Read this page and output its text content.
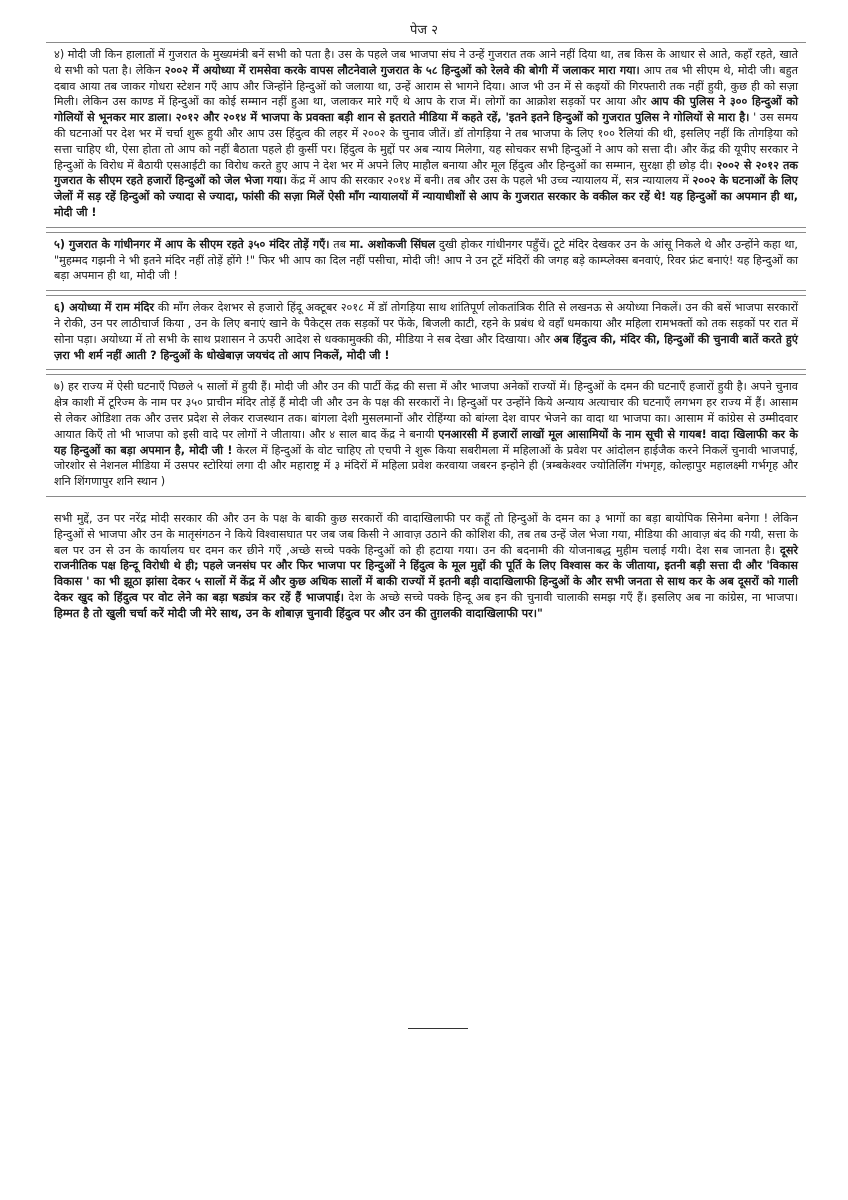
पेज २
४) मोदी जी किन हालातों में गुजरात के मुख्यमंत्री बनें सभी को पता है। उस के पहले जब भाजपा संघ ने उन्हें गुजरात तक आने नहीं दिया था, तब किस के आधार से आते, कहाँ रहते, खाते थे सभी को पता है। लेकिन २००२ में अयोध्या में रामसेवा करके वापस लौटनेवाले गुजरात के ५८ हिन्दुओं को रेलवे की बोगी में जलाकर मारा गया। आप तब भी सीएम थे, मोदी जी। बहुत दबाव आया तब जाकर गोधरा स्टेशन गएँ आप और जिन्होंने हिन्दुओं को जलाया था, उन्हें आराम से भागने दिया। आज भी उन में से कइयों की गिरफ्तारी तक नहीं हुयी, कुछ ही को सज़ा मिली। लेकिन उस काण्ड में हिन्दुओं का कोई सम्मान नहीं हुआ था, जलाकर मारे गएँ थे आप के राज में। लोगों का आक्रोश सड़कों पर आया और आप की पुलिस ने ३०० हिन्दुओं को गोलियों से भूनकर मार डाला। २०१२ और २०१४ में भाजपा के प्रवक्ता बड़ी शान से इतराते मीडिया में कहते रहें, 'इतने इतने हिन्दुओं को गुजरात पुलिस ने गोलियों से मारा है। ' उस समय की घटनाओं पर देश भर में चर्चा शुरू हुयी और आप उस हिंदुत्व की लहर में २००२ के चुनाव जीतें। डॉ तोगड़िया ने तब भाजपा के लिए १०० रैलियां की थी, इसलिए नहीं कि तोगड़िया को सत्ता चाहिए थी, ऐसा होता तो आप को नहीं बैठाता पहले ही कुर्सी पर। हिंदुत्व के मुद्दों पर अब न्याय मिलेगा, यह सोचकर सभी हिन्दुओं ने आप को सत्ता दी। और केंद्र की यूपीए सरकार ने हिन्दुओं के विरोध में बैठायी एसआईटी का विरोध करते हुए आप ने देश भर में अपने लिए माहौल बनाया और मूल हिंदुत्व और हिन्दुओं का सम्मान, सुरक्षा ही छोड़ दी। २००२ से २०१२ तक गुजरात के सीएम रहते हजारों हिन्दुओं को जेल भेजा गया। केंद्र में आप की सरकार २०१४ में बनी। तब और उस के पहले भी उच्च न्यायालय में, सत्र न्यायालय में २००२ के घटनाओं के लिए जेलों में सड़ रहें हिन्दुओं को ज्यादा से ज्यादा, फांसी की सज़ा मिलें ऐसी माँग न्यायालयों में न्यायाधीशों से आप के गुजरात सरकार के वकील कर रहें थे! यह हिन्दुओं का अपमान ही था, मोदी जी !
५) गुजरात के गांधीनगर में आप के सीएम रहते ३५० मंदिर तोड़ें गएँ। तब मा. अशोकजी सिंघल दुखी होकर गांधीनगर पहुँचें। टूटे मंदिर देखकर उन के आंसू निकले थे और उन्होंने कहा था, "मुहम्मद गझनी ने भी इतने मंदिर नहीं तोड़ें होंगे !" फिर भी आप का दिल नहीं पसीचा, मोदी जी! आप ने उन टूटें मंदिरों की जगह बड़े काम्प्लेक्स बनवाएं, रिवर फ्रंट बनाएं! यह हिन्दुओं का बड़ा अपमान ही था, मोदी जी !
६) अयोध्या में राम मंदिर की माँग लेकर देशभर से हजारो हिंदू अक्टूबर २०१८ में डॉ तोगड़िया साथ शांतिपूर्ण लोकतांत्रिक रीति से लखनऊ से अयोध्या निकलें। उन की बसें भाजपा सरकारों ने रोकी, उन पर लाठीचार्ज किया , उन के लिए बनाएं खाने के पैकेट्स तक सड़कों पर फेंके, बिजली काटी, रहने के प्रबंध थे वहाँ धमकाया और महिला रामभक्तों को तक सड़कों पर रात में सोना पड़ा। अयोध्या में तो सभी के साथ प्रशासन ने ऊपरी आदेश से धक्कामुक्की की, मीडिया ने सब देखा और दिखाया। और अब हिंदुत्व की, मंदिर की, हिन्दुओं की चुनावी बातें करते हुएं ज़रा भी शर्म नहीं आती ? हिन्दुओं के धोखेबाज़ जयचंद तो आप निकलें, मोदी जी !
७) हर राज्य में ऐसी घटनाएँ पिछले ५ सालों में हुयी हैं। मोदी जी और उन की पार्टी केंद्र की सत्ता में और भाजपा अनेकों राज्यों में। हिन्दुओं के दमन की घटनाएँ हजारों हुयी है। अपने चुनाव क्षेत्र काशी में टूरिज्म के नाम पर ३५० प्राचीन मंदिर तोड़ें हैं मोदी जी और उन के पक्ष की सरकारों ने। हिन्दुओं पर उन्होंने किये अन्याय अत्याचार की घटनाएँ लगभग हर राज्य में हैं। आसाम से लेकर ओडिशा तक और उत्तर प्रदेश से लेकर राजस्थान तक। बांगला देशी मुसलमानों और रोहिंग्या को बांग्ला देश वापर भेजने का वादा था भाजपा का। आसाम में कांग्रेस से उम्मीदवार आयात किएँ तो भी भाजपा को इसी वादे पर लोगों ने जीताया। और ४ साल बाद केंद्र ने बनायी एनआरसी में हजारों लाखों मूल आसामियों के नाम सूची से गायब! वादा खिलाफी कर के यह हिन्दुओं का बड़ा अपमान है, मोदी जी ! केरल में हिन्दुओं के वोट चाहिए तो एचपी ने शुरू किया सबरीमला में महिलाओं के प्रवेश पर आंदोलन हाईजैक करने निकलें चुनावी भाजपाई, जोरशोर से नेशनल मीडिया में उसपर स्टोरियां लगा दी और महाराष्ट्र में ३ मंदिरों में महिला प्रवेश करवाया जबरन इन्होने ही (त्रम्बकेश्वर ज्योतिर्लिंग गंभगृह, कोल्हापुर महालक्ष्मी गर्भगृह और शनि शिंगणापुर शनि स्थान )
सभी मुद्दें, उन पर नरेंद्र मोदी सरकार की और उन के पक्ष के बाकी कुछ सरकारों की वादाखिलाफी पर कहूँ तो हिन्दुओं के दमन का ३ भागों का बड़ा बायोपिक सिनेमा बनेगा ! लेकिन हिन्दुओं से भाजपा और उन के मातृसंगठन ने किये विश्वासघात पर जब जब किसी ने आवाज़ उठाने की कोशिश की, तब तब उन्हें जेल भेजा गया, मीडिया की आवाज़ बंद की गयी, सत्ता के बल पर उन से उन के कार्यालय घर दमन कर छीने गएँ ,अच्छे सच्चे पक्के हिन्दुओं को ही हटाया गया। उन की बदनामी की योजनाबद्ध मुहीम चलाई गयी। देश सब जानता है। दूसरे राजनीतिक पक्ष हिन्दू विरोधी थे ही; पहले जनसंघ पर और फिर भाजपा पर हिन्दुओं ने हिंदुत्व के मूल मुद्दों की पूर्ति के लिए विश्वास कर के जीताया, इतनी बड़ी सत्ता दी और 'विकास विकास ' का भी झूठा झांसा देकर ५ सालों में केंद्र में और कुछ अधिक सालों में बाकी राज्यों में इतनी बड़ी वादाखिलाफी हिन्दुओं के और सभी जनता से साथ कर के अब दूसरों को गाली देकर खुद को हिंदुत्व पर वोट लेने का बड़ा षड्यंत्र कर रहें हैं भाजपाई। देश के अच्छे सच्चे पक्के हिन्दू अब इन की चुनावी चालाकी समझ गएँ हैं। इसलिए अब ना कांग्रेस, ना भाजपा। हिम्मत है तो खुली चर्चा करें मोदी जी मेरे साथ, उन के शोबाज़ चुनावी हिंदुत्व पर और उन की तुग़लकी वादाखिलाफी पर।"
